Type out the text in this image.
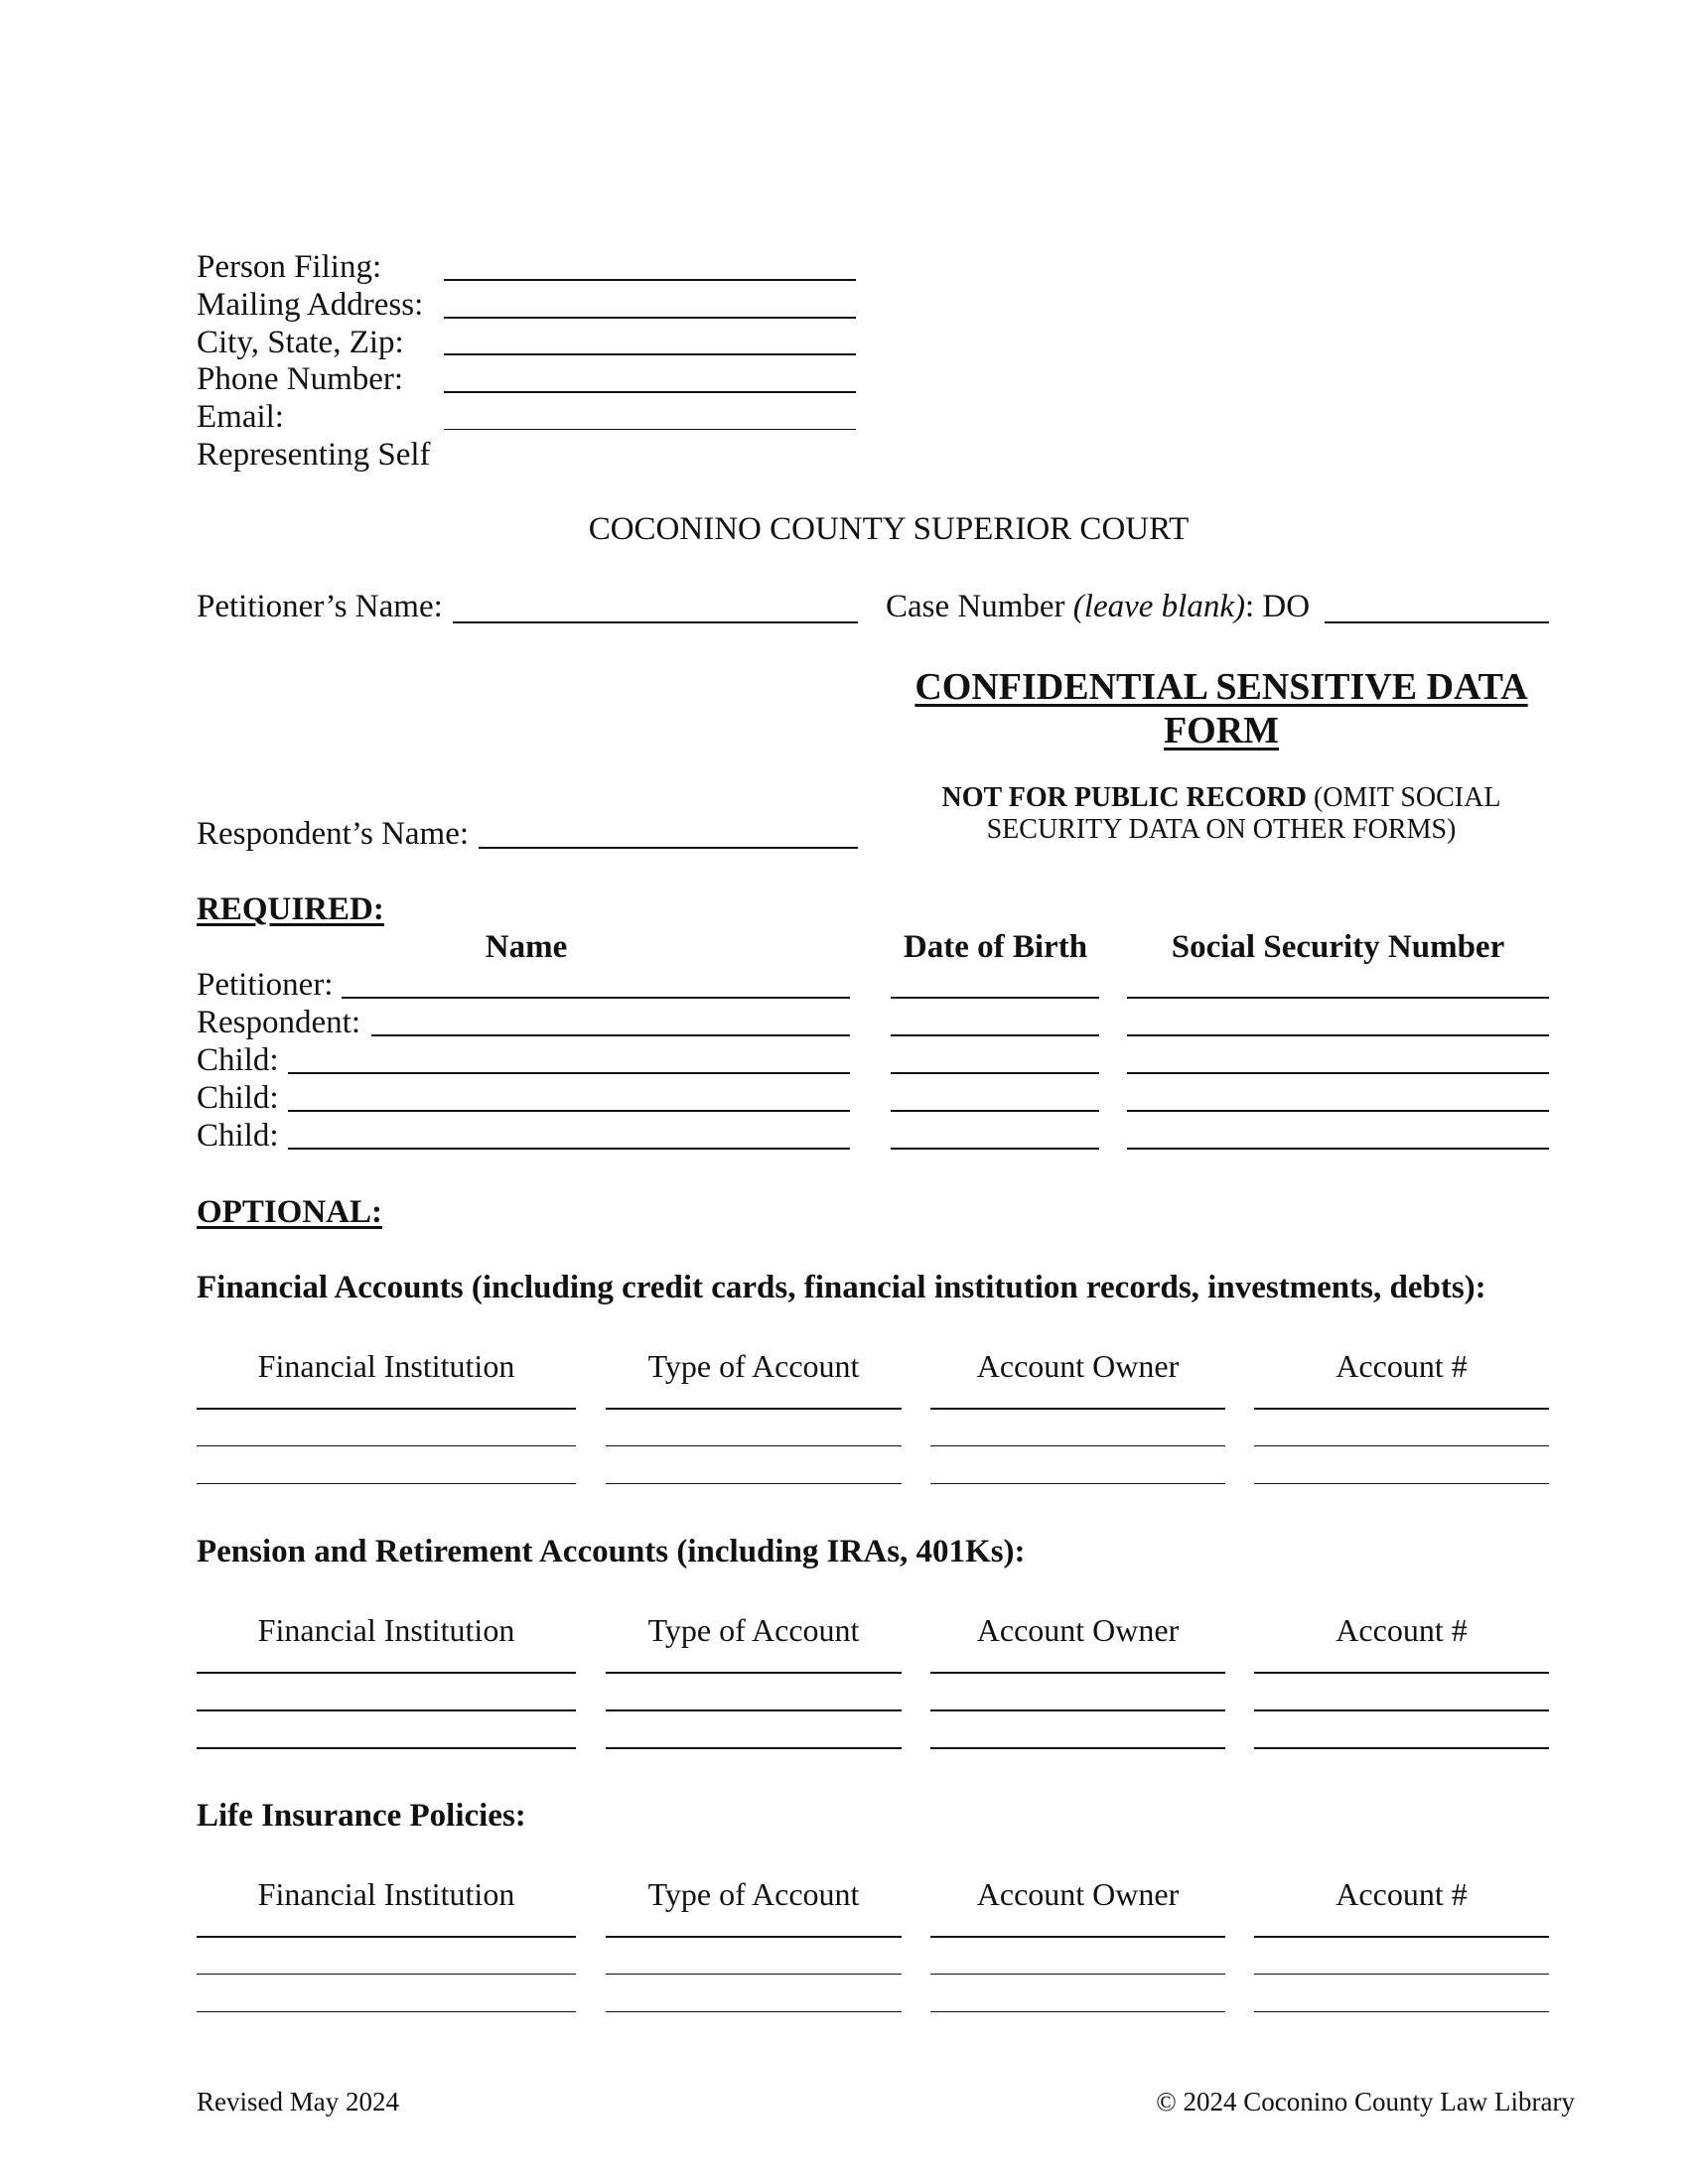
Person Filing:
Mailing Address:
City, State, Zip:
Phone Number:
Email:
Representing Self
COCONINO COUNTY SUPERIOR COURT
Petitioner’s Name:	Case Number (leave blank): DO
CONFIDENTIAL SENSITIVE DATA
FORM
NOT FOR PUBLIC RECORD (OMIT SOCIAL
SECURITY DATA ON OTHER FORMS)
Respondent’s Name:
REQUIRED:
Name	Date of Birth	Social Security Number
Petitioner:
Respondent:
Child:
Child:
Child:
OPTIONAL:
Financial Accounts (including credit cards, financial institution records, investments, debts):
Financial Institution	Type of Account	Account Owner	Account #
Pension and Retirement Accounts (including IRAs, 401Ks):
Financial Institution	Type of Account	Account Owner	Account #
Life Insurance Policies:
Financial Institution	Type of Account	Account Owner	Account #
Revised May 2024	© 2024 Coconino County Law Library
